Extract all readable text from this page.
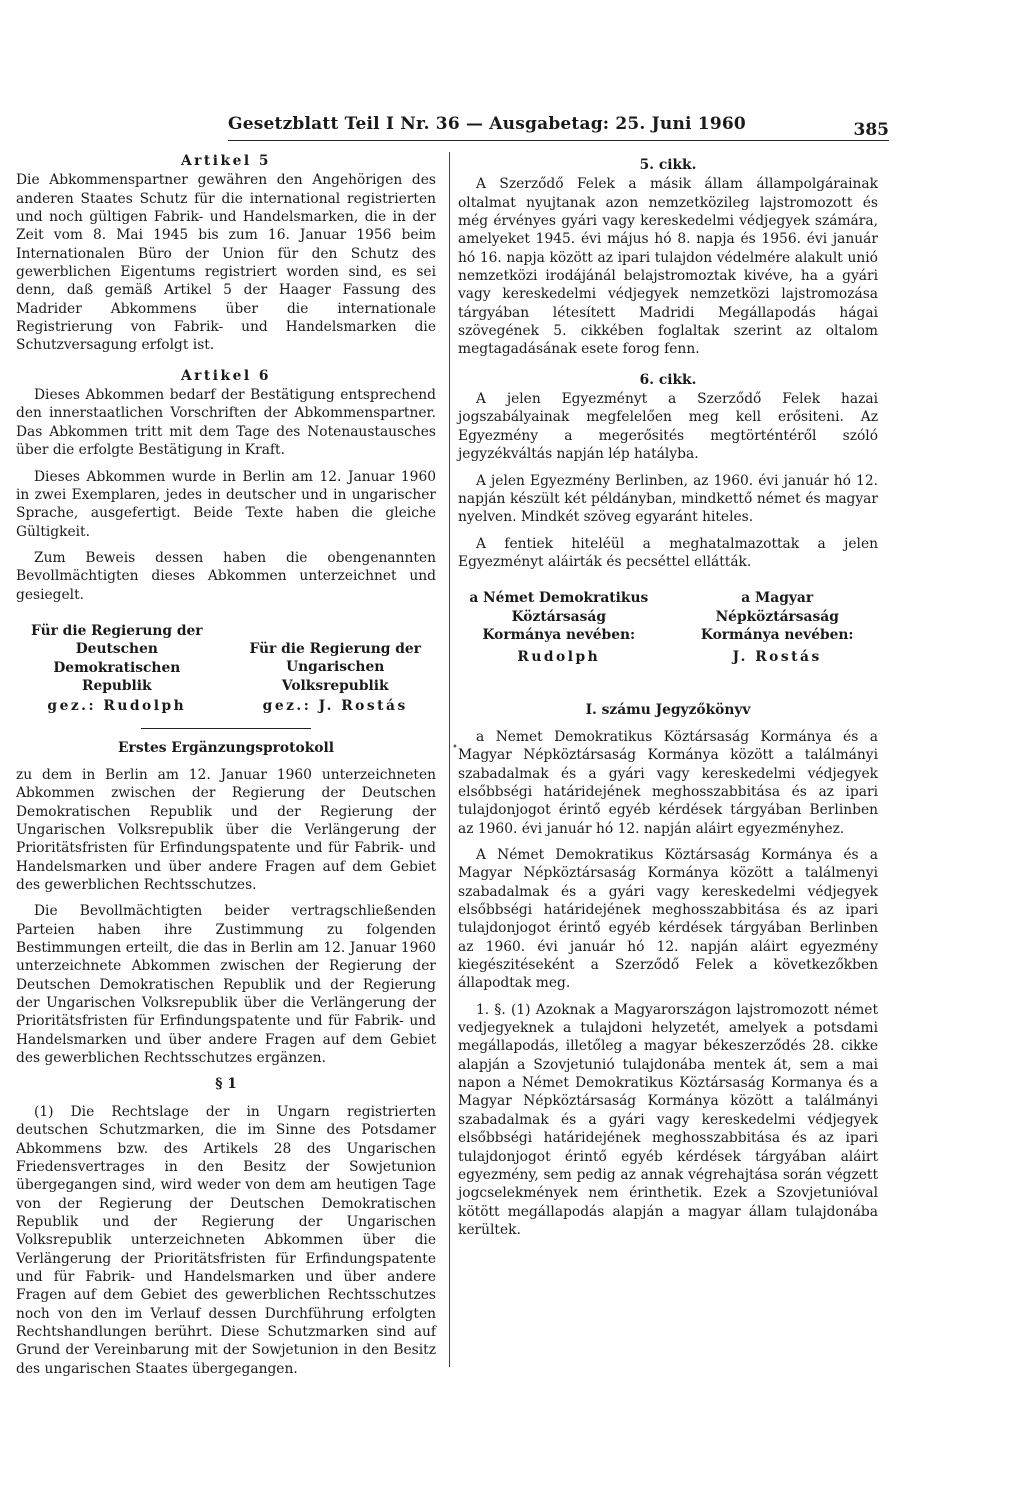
Gesetzblatt Teil I Nr. 36 — Ausgabetag: 25. Juni 1960	385
•
Artikel 5

Die Abkommenspartner gewähren den Angehörigen des anderen Staates Schutz für die international registrierten und noch gültigen Fabrik- und Handelsmarken, die in der Zeit vom 8. Mai 1945 bis zum 16. Januar 1956 beim Internationalen Büro der Union für den Schutz des gewerblichen Eigentums registriert worden sind, es sei denn, daß gemäß Artikel 5 der Haager Fassung des Madrider Abkommens über die internationale Registrierung von Fabrik- und Handelsmarken die Schutzversagung erfolgt ist.

Artikel 6

Dieses Abkommen bedarf der Bestätigung entsprechend den innerstaatlichen Vorschriften der Abkommenspartner. Das Abkommen tritt mit dem Tage des Notenaustausches über die erfolgte Bestätigung in Kraft.

Dieses Abkommen wurde in Berlin am 12. Januar 1960 in zwei Exemplaren, jedes in deutscher und in ungarischer Sprache, ausgefertigt. Beide Texte haben die gleiche Gültigkeit.

Zum Beweis dessen haben die obengenannten Bevollmächtigten dieses Abkommen unterzeichnet und gesiegelt.

Für die Regierung der
Deutschen Demokratischen
Republik
gez.: Rudolph
Für die Regierung der
Ungarischen Volksrepublik
gez.: J. Rostás
Erstes Ergänzungsprotokoll

zu dem in Berlin am 12. Januar 1960 unterzeichneten Abkommen zwischen der Regierung der Deutschen Demokratischen Republik und der Regierung der Ungarischen Volksrepublik über die Verlängerung der Prioritätsfristen für Erfindungspatente und für Fabrik- und Handelsmarken und über andere Fragen auf dem Gebiet des gewerblichen Rechtsschutzes.

Die Bevollmächtigten beider vertragschließenden Parteien haben ihre Zustimmung zu folgenden Bestimmungen erteilt, die das in Berlin am 12. Januar 1960 unterzeichnete Abkommen zwischen der Regierung der Deutschen Demokratischen Republik und der Regierung der Ungarischen Volksrepublik über die Verlängerung der Prioritätsfristen für Erfindungspatente und für Fabrik- und Handelsmarken und über andere Fragen auf dem Gebiet des gewerblichen Rechtsschutzes ergänzen.

§ 1

(1) Die Rechtslage der in Ungarn registrierten deutschen Schutzmarken, die im Sinne des Potsdamer Abkommens bzw. des Artikels 28 des Ungarischen Friedensvertrages in den Besitz der Sowjetunion übergegangen sind, wird weder von dem am heutigen Tage von der Regierung der Deutschen Demokratischen Republik und der Regierung der Ungarischen Volksrepublik unterzeichneten Abkommen über die Verlängerung der Prioritätsfristen für Erfindungspatente und für Fabrik- und Handelsmarken und über andere Fragen auf dem Gebiet des gewerblichen Rechtsschutzes noch von den im Verlauf dessen Durchführung erfolgten Rechtshandlungen berührt. Diese Schutzmarken sind auf Grund der Vereinbarung mit der Sowjetunion in den Besitz des ungarischen Staates übergegangen.

5. cikk.

A Szerződő Felek a másik állam állampolgárainak oltalmat nyujtanak azon nemzetközileg lajstromozott és még érvényes gyári vagy kereskedelmi védjegyek számára, amelyeket 1945. évi május hó 8. napja és 1956. évi január hó 16. napja között az ipari tulajdon védelmére alakult unió nemzetközi irodájánál belajstromoztak kivéve, ha a gyári vagy kereskedelmi védjegyek nemzetközi lajstromozása tárgyában létesített Madridi Megállapodás hágai szövegének 5. cikkében foglaltak szerint az oltalom megtagadásának esete forog fenn.

6. cikk.

A jelen Egyezményt a Szerződő Felek hazai jogszabályainak megfelelően meg kell erősiteni. Az Egyezmény a megerősités megtörténtéről szóló jegyzékváltás napján lép hatályba.

A jelen Egyezmény Berlinben, az 1960. évi január hó 12. napján készült két példányban, mindkettő német és magyar nyelven. Mindkét szöveg egyaránt hiteles.

A fentiek hiteléül a meghatalmazottak a jelen Egyezményt aláirták és pecséttel ellátták.

a Német Demokratikus
Köztársaság
Kormánya nevében:
Rudolph
a Magyar
Népköztársaság
Kormánya nevében:
J. Rostás
I. számu Jegyzőkönyv

a Nemet Demokratikus Köztársaság Kormánya és a Magyar Népköztársaság Kormánya között a találmányi szabadalmak és a gyári vagy kereskedelmi védjegyek elsőbbségi határidejének meghosszabbitása és az ipari tulajdonjogot érintő egyéb kérdések tárgyában Berlinben az 1960. évi január hó 12. napján aláirt egyezményhez.

A Német Demokratikus Köztársaság Kormánya és a Magyar Népköztársaság Kormánya között a találmenyi szabadalmak és a gyári vagy kereskedelmi védjegyek elsőbbségi határidejének meghosszabbitása és az ipari tulajdonjogot érintő egyéb kérdések tárgyában Berlinben az 1960. évi január hó 12. napján aláirt egyezmény kiegészitéseként a Szerződő Felek a következőkben állapodtak meg.

1. §. (1) Azoknak a Magyarországon lajstromozott német vedjegyeknek a tulajdoni helyzetét, amelyek a potsdami megállapodás, illetőleg a magyar békeszerződés 28. cikke alapján a Szovjetunió tulajdonába mentek át, sem a mai napon a Német Demokratikus Köztársaság Kormanya és a Magyar Népköztársaság Kormánya között a találmányi szabadalmak és a gyári vagy kereskedelmi védjegyek elsőbbségi határidejének meghosszabbitása és az ipari tulajdonjogot érintő egyéb kérdések tárgyában aláirt egyezmény, sem pedig az annak végrehajtása során végzett jogcselekmények nem érinthetik. Ezek a Szovjetunióval kötött megállapodás alapján a magyar állam tulajdonába kerültek.
